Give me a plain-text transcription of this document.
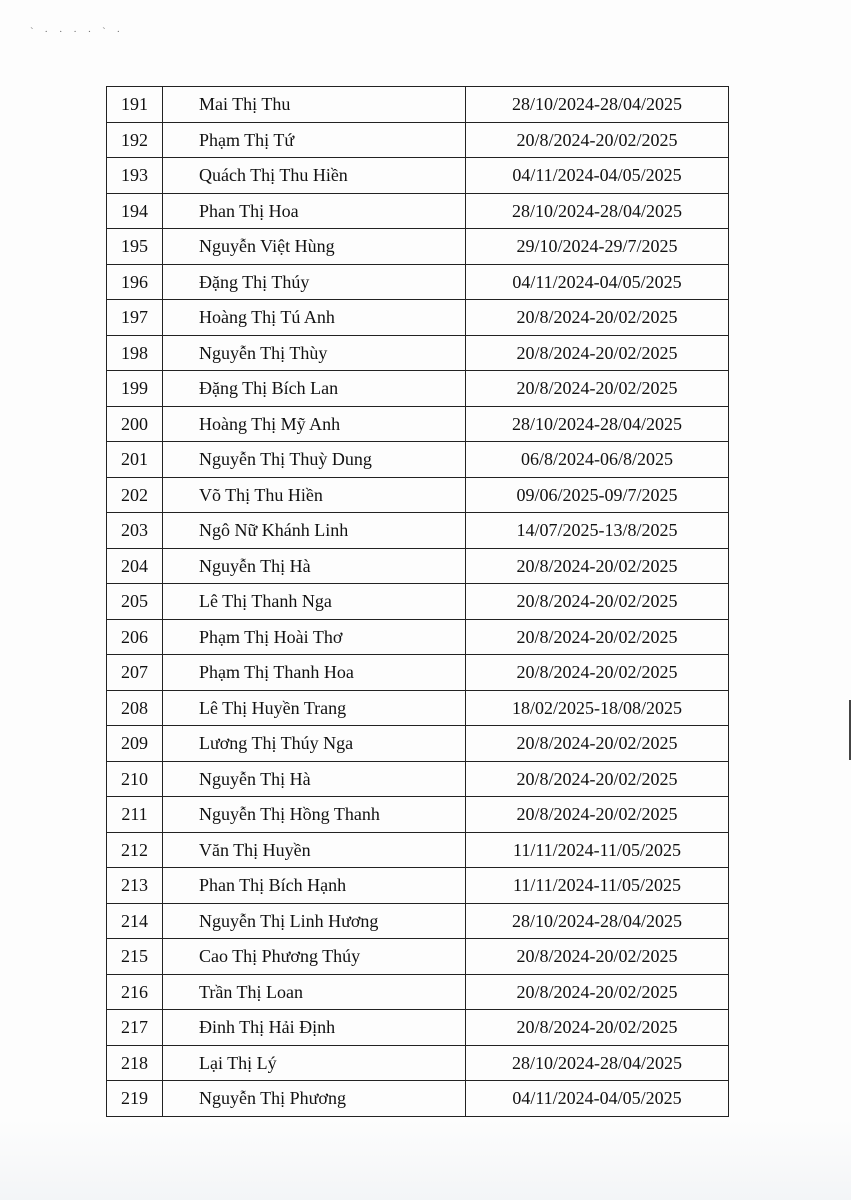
` · · · · ` ·
191	Mai Thị Thu	28/10/2024-28/04/2025
192	Phạm Thị Tứ	20/8/2024-20/02/2025
193	Quách Thị Thu Hiền	04/11/2024-04/05/2025
194	Phan Thị Hoa	28/10/2024-28/04/2025
195	Nguyễn Việt Hùng	29/10/2024-29/7/2025
196	Đặng Thị Thúy	04/11/2024-04/05/2025
197	Hoàng Thị Tú Anh	20/8/2024-20/02/2025
198	Nguyễn Thị Thùy	20/8/2024-20/02/2025
199	Đặng Thị Bích Lan	20/8/2024-20/02/2025
200	Hoàng Thị Mỹ Anh	28/10/2024-28/04/2025
201	Nguyễn Thị Thuỳ Dung	06/8/2024-06/8/2025
202	Võ Thị Thu Hiền	09/06/2025-09/7/2025
203	Ngô Nữ Khánh Linh	14/07/2025-13/8/2025
204	Nguyễn Thị Hà	20/8/2024-20/02/2025
205	Lê Thị Thanh Nga	20/8/2024-20/02/2025
206	Phạm Thị Hoài Thơ	20/8/2024-20/02/2025
207	Phạm Thị Thanh Hoa	20/8/2024-20/02/2025
208	Lê Thị Huyền Trang	18/02/2025-18/08/2025
209	Lương Thị Thúy Nga	20/8/2024-20/02/2025
210	Nguyễn Thị Hà	20/8/2024-20/02/2025
211	Nguyễn Thị Hồng Thanh	20/8/2024-20/02/2025
212	Văn Thị Huyền	11/11/2024-11/05/2025
213	Phan Thị Bích Hạnh	11/11/2024-11/05/2025
214	Nguyễn Thị Linh Hương	28/10/2024-28/04/2025
215	Cao Thị Phương Thúy	20/8/2024-20/02/2025
216	Trần Thị Loan	20/8/2024-20/02/2025
217	Đinh Thị Hải Định	20/8/2024-20/02/2025
218	Lại Thị Lý	28/10/2024-28/04/2025
219	Nguyễn Thị Phương	04/11/2024-04/05/2025
